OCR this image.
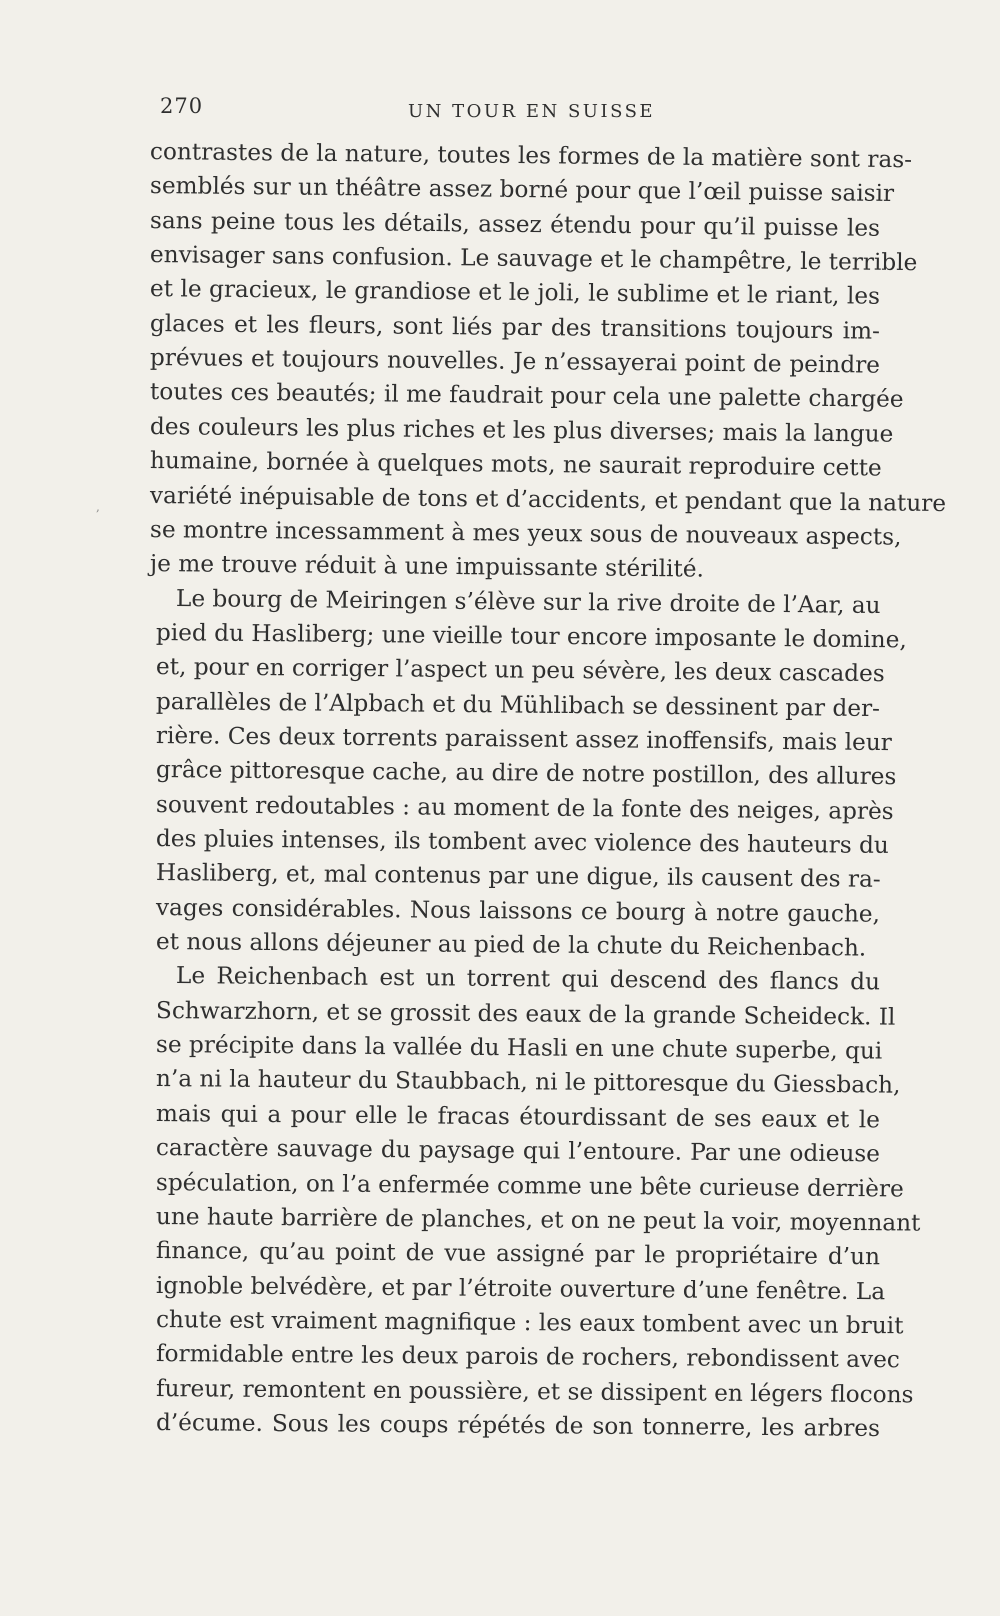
270	UN TOUR EN SUISSE
,
contrastes de la nature, toutes les formes de la matière sont ras-
semblés sur un théâtre assez borné pour que l’œil puisse saisir
sans peine tous les détails, assez étendu pour qu’il puisse les
envisager sans confusion. Le sauvage et le champêtre, le terrible
et le gracieux, le grandiose et le joli, le sublime et le riant, les
glaces et les fleurs, sont liés par des transitions toujours im-
prévues et toujours nouvelles. Je n’essayerai point de peindre
toutes ces beautés; il me faudrait pour cela une palette chargée
des couleurs les plus riches et les plus diverses; mais la langue
humaine, bornée à quelques mots, ne saurait reproduire cette
variété inépuisable de tons et d’accidents, et pendant que la nature
se montre incessamment à mes yeux sous de nouveaux aspects,
je me trouve réduit à une impuissante stérilité.
Le bourg de Meiringen s’élève sur la rive droite de l’Aar, au
pied du Hasliberg; une vieille tour encore imposante le domine,
et, pour en corriger l’aspect un peu sévère, les deux cascades
parallèles de l’Alpbach et du Mühlibach se dessinent par der-
rière. Ces deux torrents paraissent assez inoffensifs, mais leur
grâce pittoresque cache, au dire de notre postillon, des allures
souvent redoutables : au moment de la fonte des neiges, après
des pluies intenses, ils tombent avec violence des hauteurs du
Hasliberg, et, mal contenus par une digue, ils causent des ra-
vages considérables. Nous laissons ce bourg à notre gauche,
et nous allons déjeuner au pied de la chute du Reichenbach.
Le Reichenbach est un torrent qui descend des flancs du
Schwarzhorn, et se grossit des eaux de la grande Scheideck. Il
se précipite dans la vallée du Hasli en une chute superbe, qui
n’a ni la hauteur du Staubbach, ni le pittoresque du Giessbach,
mais qui a pour elle le fracas étourdissant de ses eaux et le
caractère sauvage du paysage qui l’entoure. Par une odieuse
spéculation, on l’a enfermée comme une bête curieuse derrière
une haute barrière de planches, et on ne peut la voir, moyennant
finance, qu’au point de vue assigné par le propriétaire d’un
ignoble belvédère, et par l’étroite ouverture d’une fenêtre. La
chute est vraiment magnifique : les eaux tombent avec un bruit
formidable entre les deux parois de rochers, rebondissent avec
fureur, remontent en poussière, et se dissipent en légers flocons
d’écume. Sous les coups répétés de son tonnerre, les arbres
